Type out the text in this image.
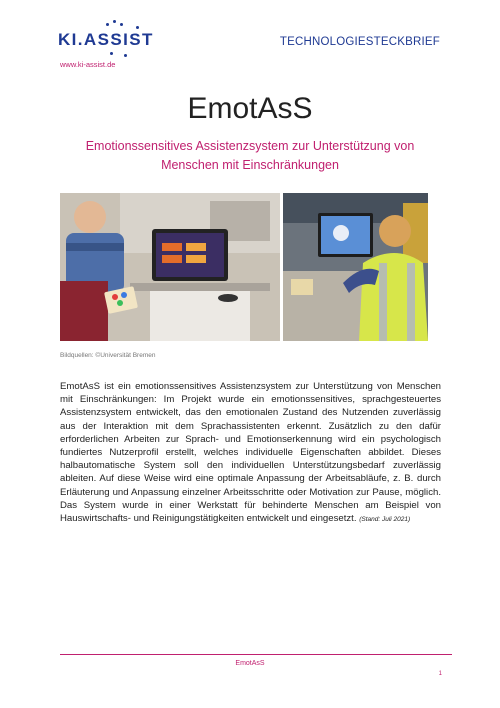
KI.ASSIST
www.ki-assist.de
TECHNOLOGIESTECKBRIEF
EmotAsS
Emotionssensitives Assistenzsystem zur Unterstützung von Menschen mit Einschränkungen
Bildquellen: ©Universität Bremen
EmotAsS ist ein emotionssensitives Assistenzsystem zur Unterstützung von Menschen mit Einschränkungen: Im Projekt wurde ein emotionssensitives, sprachgesteuertes Assistenzsystem entwickelt, das den emotionalen Zustand des Nutzenden zuverlässig aus der Interaktion mit dem Sprachassistenten erkennt. Zusätzlich zu den dafür erforderlichen Arbeiten zur Sprach- und Emotionserkennung wird ein psychologisch fundiertes Nutzerprofil erstellt, welches individuelle Eigenschaften abbildet. Dieses halbautomatische System soll den individuellen Unterstützungsbedarf zuverlässig ableiten. Auf diese Weise wird eine optimale Anpassung der Arbeitsabläufe, z. B. durch Erläuterung und Anpassung einzelner Arbeitsschritte oder Motivation zur Pause, möglich. Das System wurde in einer Werkstatt für behinderte Menschen am Beispiel von Hauswirtschafts- und Reinigungstätigkeiten entwickelt und eingesetzt. (Stand: Juli 2021)
EmotAsS
1
